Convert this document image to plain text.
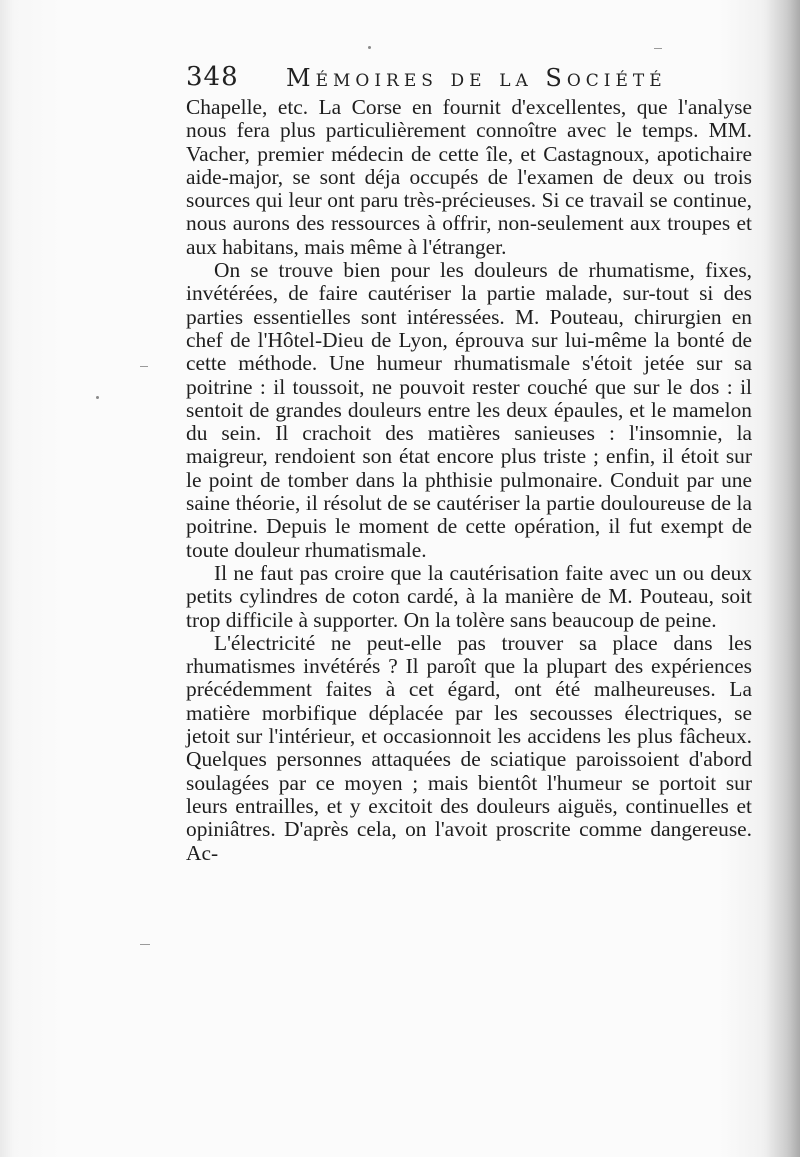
348 Mémoires de la Société

Chapelle, etc. La Corse en fournit d'excellentes, que l'analyse nous fera plus particulièrement connoître avec le temps. MM. Vacher, premier médecin de cette île, et Castagnoux, apotichaire aide-major, se sont déja occupés de l'examen de deux ou trois sources qui leur ont paru très-précieuses. Si ce travail se continue, nous aurons des ressources à offrir, non-seulement aux troupes et aux habitans, mais même à l'étranger.

On se trouve bien pour les douleurs de rhumatisme, fixes, invétérées, de faire cautériser la partie malade, sur-tout si des parties essentielles sont intéressées. M. Pouteau, chirurgien en chef de l'Hôtel-Dieu de Lyon, éprouva sur lui-même la bonté de cette méthode. Une humeur rhumatismale s'étoit jetée sur sa poitrine : il toussoit, ne pouvoit rester couché que sur le dos : il sentoit de grandes douleurs entre les deux épaules, et le mamelon du sein. Il crachoit des matières sanieuses : l'insomnie, la maigreur, rendoient son état encore plus triste ; enfin, il étoit sur le point de tomber dans la phthisie pulmonaire. Conduit par une saine théorie, il résolut de se cautériser la partie douloureuse de la poitrine. Depuis le moment de cette opération, il fut exempt de toute douleur rhumatismale.

Il ne faut pas croire que la cautérisation faite avec un ou deux petits cylindres de coton cardé, à la manière de M. Pouteau, soit trop difficile à supporter. On la tolère sans beaucoup de peine.

L'électricité ne peut-elle pas trouver sa place dans les rhumatismes invétérés ? Il paroît que la plupart des expériences précédemment faites à cet égard, ont été malheureuses. La matière morbifique déplacée par les secousses électriques, se jetoit sur l'intérieur, et occasionnoit les accidens les plus fâcheux. Quelques personnes attaquées de sciatique paroissoient d'abord soulagées par ce moyen ; mais bientôt l'humeur se portoit sur leurs entrailles, et y excitoit des douleurs aiguës, continuelles et opiniâtres. D'après cela, on l'avoit proscrite comme dangereuse. Ac-
